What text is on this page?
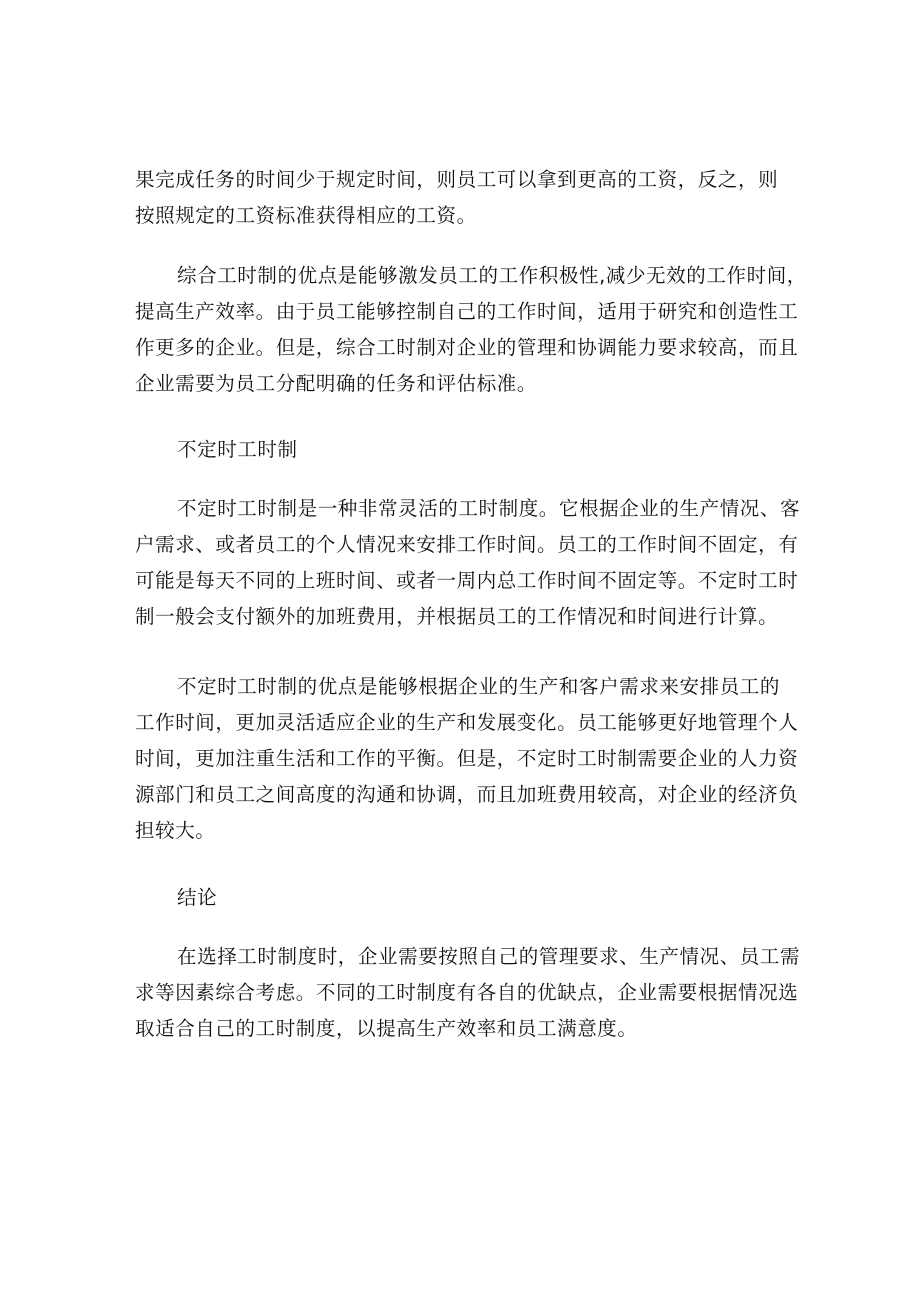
果完成任务的时间少于规定时间，则员工可以拿到更高的工资，反之，则
按照规定的工资标准获得相应的工资。
综合工时制的优点是能够激发员工的工作积极性,减少无效的工作时间，
提高生产效率。由于员工能够控制自己的工作时间，适用于研究和创造性工
作更多的企业。但是，综合工时制对企业的管理和协调能力要求较高，而且
企业需要为员工分配明确的任务和评估标准。
不定时工时制
不定时工时制是一种非常灵活的工时制度。它根据企业的生产情况、客
户需求、或者员工的个人情况来安排工作时间。员工的工作时间不固定，有
可能是每天不同的上班时间、或者一周内总工作时间不固定等。不定时工时
制一般会支付额外的加班费用，并根据员工的工作情况和时间进行计算。
不定时工时制的优点是能够根据企业的生产和客户需求来安排员工的
工作时间，更加灵活适应企业的生产和发展变化。员工能够更好地管理个人
时间，更加注重生活和工作的平衡。但是，不定时工时制需要企业的人力资
源部门和员工之间高度的沟通和协调，而且加班费用较高，对企业的经济负
担较大。
结论
在选择工时制度时，企业需要按照自己的管理要求、生产情况、员工需
求等因素综合考虑。不同的工时制度有各自的优缺点，企业需要根据情况选
取适合自己的工时制度，以提高生产效率和员工满意度。
